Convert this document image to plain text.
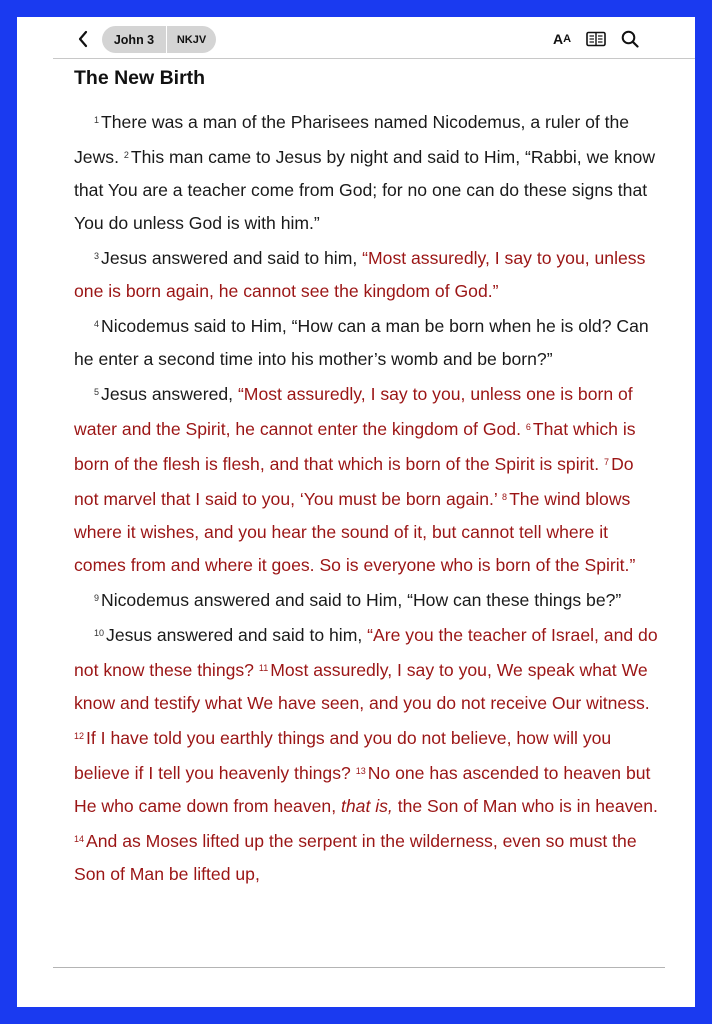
John 3	NKJV	A A
The New Birth

$^1$ There was a man of the Pharisees named Nicodemus, a ruler of the Jews. $^2$ This man came to Jesus by night and said to Him, “Rabbi, we know that You are a teacher come from God; for no one can do these signs that You do unless God is with him.”

$^3$ Jesus answered and said to him, “Most assuredly, I say to you, unless one is born again, he cannot see the kingdom of God.”

$^4$ Nicodemus said to Him, “How can a man be born when he is old? Can he enter a second time into his mother’s womb and be born?”

$^5$ Jesus answered, “Most assuredly, I say to you, unless one is born of water and the Spirit, he cannot enter the kingdom of God. $^6$ That which is born of the flesh is flesh, and that which is born of the Spirit is spirit. $^7$ Do not marvel that I said to you, ‘You must be born again.’ $^8$ The wind blows where it wishes, and you hear the sound of it, but cannot tell where it comes from and where it goes. So is everyone who is born of the Spirit.”

$^9$ Nicodemus answered and said to Him, “How can these things be?”

$^{10}$ Jesus answered and said to him, “Are you the teacher of Israel, and do not know these things? $^{11}$ Most assuredly, I say to you, We speak what We know and testify what We have seen, and you do not receive Our witness. $^{12}$ If I have told you earthly things and you do not believe, how will you believe if I tell you heavenly things? $^{13}$ No one has ascended to heaven but He who came down from heaven, that is, the Son of Man who is in heaven. $^{14}$ And as Moses lifted up the serpent in the wilderness, even so must the Son of Man be lifted up,
